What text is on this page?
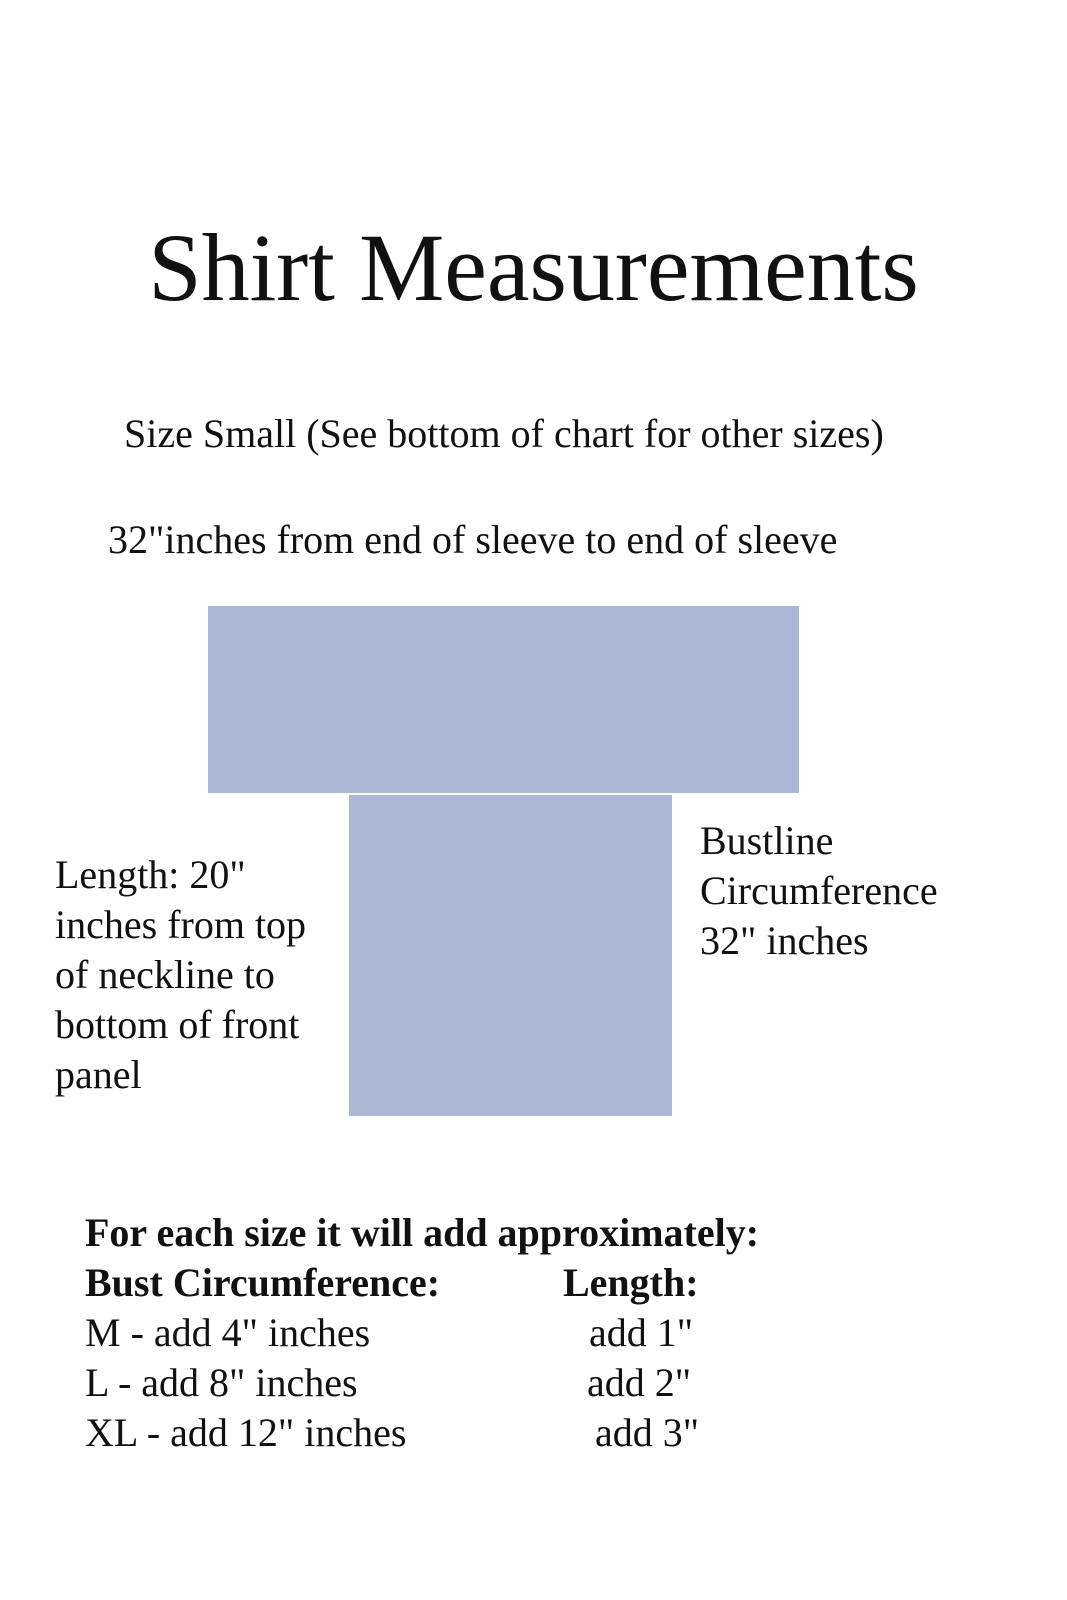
Shirt Measurements
Size Small (See bottom of chart for other sizes)
32"inches from end of sleeve to end of sleeve
Length: 20" inches from top of neckline to bottom of front panel
Bustline
Circumference
32" inches
For each size it will add approximately:
Bust Circumference:	Length:
M - add 4" inches	add 1"
L - add 8" inches	add 2"
XL - add 12" inches	add 3"
